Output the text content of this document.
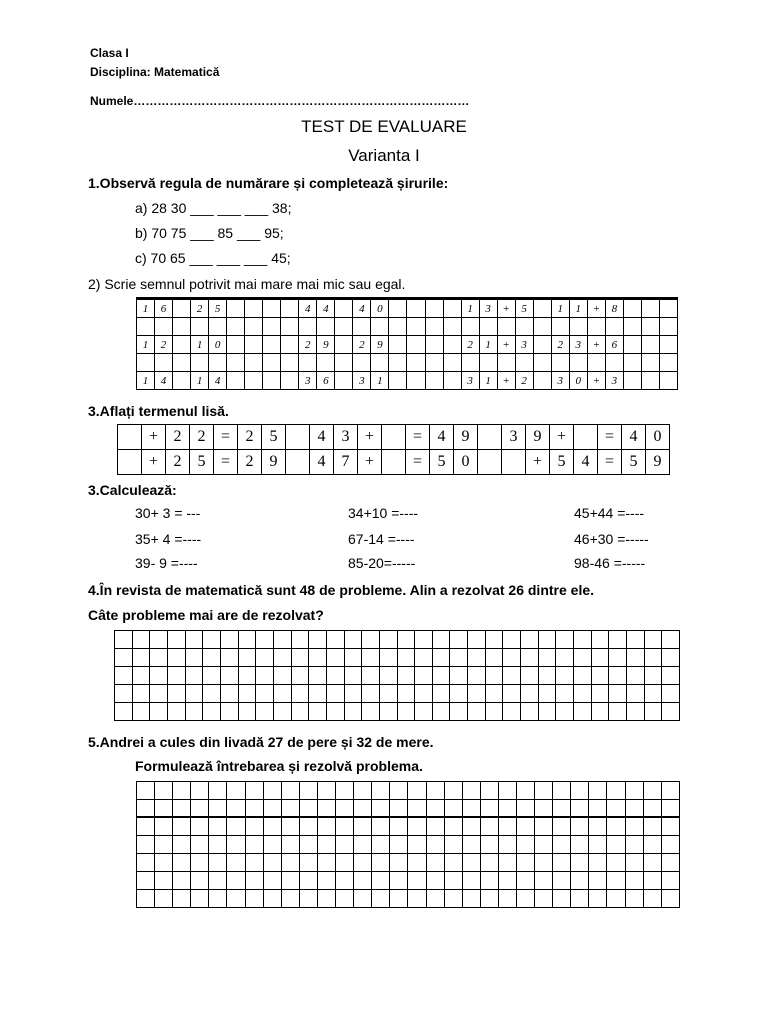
Clasa I
Disciplina: Matematică
Numele…………………………………………………………………………
TEST DE EVALUARE
Varianta I
1.Observă regula de numărare și completează șirurile:
a) 28 30 ___ ___ ___ 38;
b) 70 75 ___ 85 ___ 95;
c) 70 65 ___ ___ ___ 45;
2) Scrie semnul potrivit mai mare mai mic sau egal.
1	6		2	5					4	4		4	0					1	3	+	5		1	1	+	8			

1	2		1	0					2	9		2	9					2	1	+	3		2	3	+	6			

1	4		1	4					3	6		3	1					3	1	+	2		3	0	+	3			
3.Aflați termenul lisă.
	+	2	2	=	2	5		4	3	+		=	4	9		3	9	+		=	4	0
	+	2	5	=	2	9		4	7	+		=	5	0			+	5	4	=	5	9
3.Calculează:
30+ 3 = ---	34+10 =----	45+44 =----
35+ 4 =----	67-14 =----	46+30 =-----
39- 9 =----	85-20=-----	98-46 =-----
4.În revista de matematică sunt 48 de probleme. Alin a rezolvat 26 dintre ele.
Câte probleme mai are de rezolvat?

5.Andrei a cules din livadă 27 de pere și 32 de mere.
Formulează întrebarea și rezolvă problema.
